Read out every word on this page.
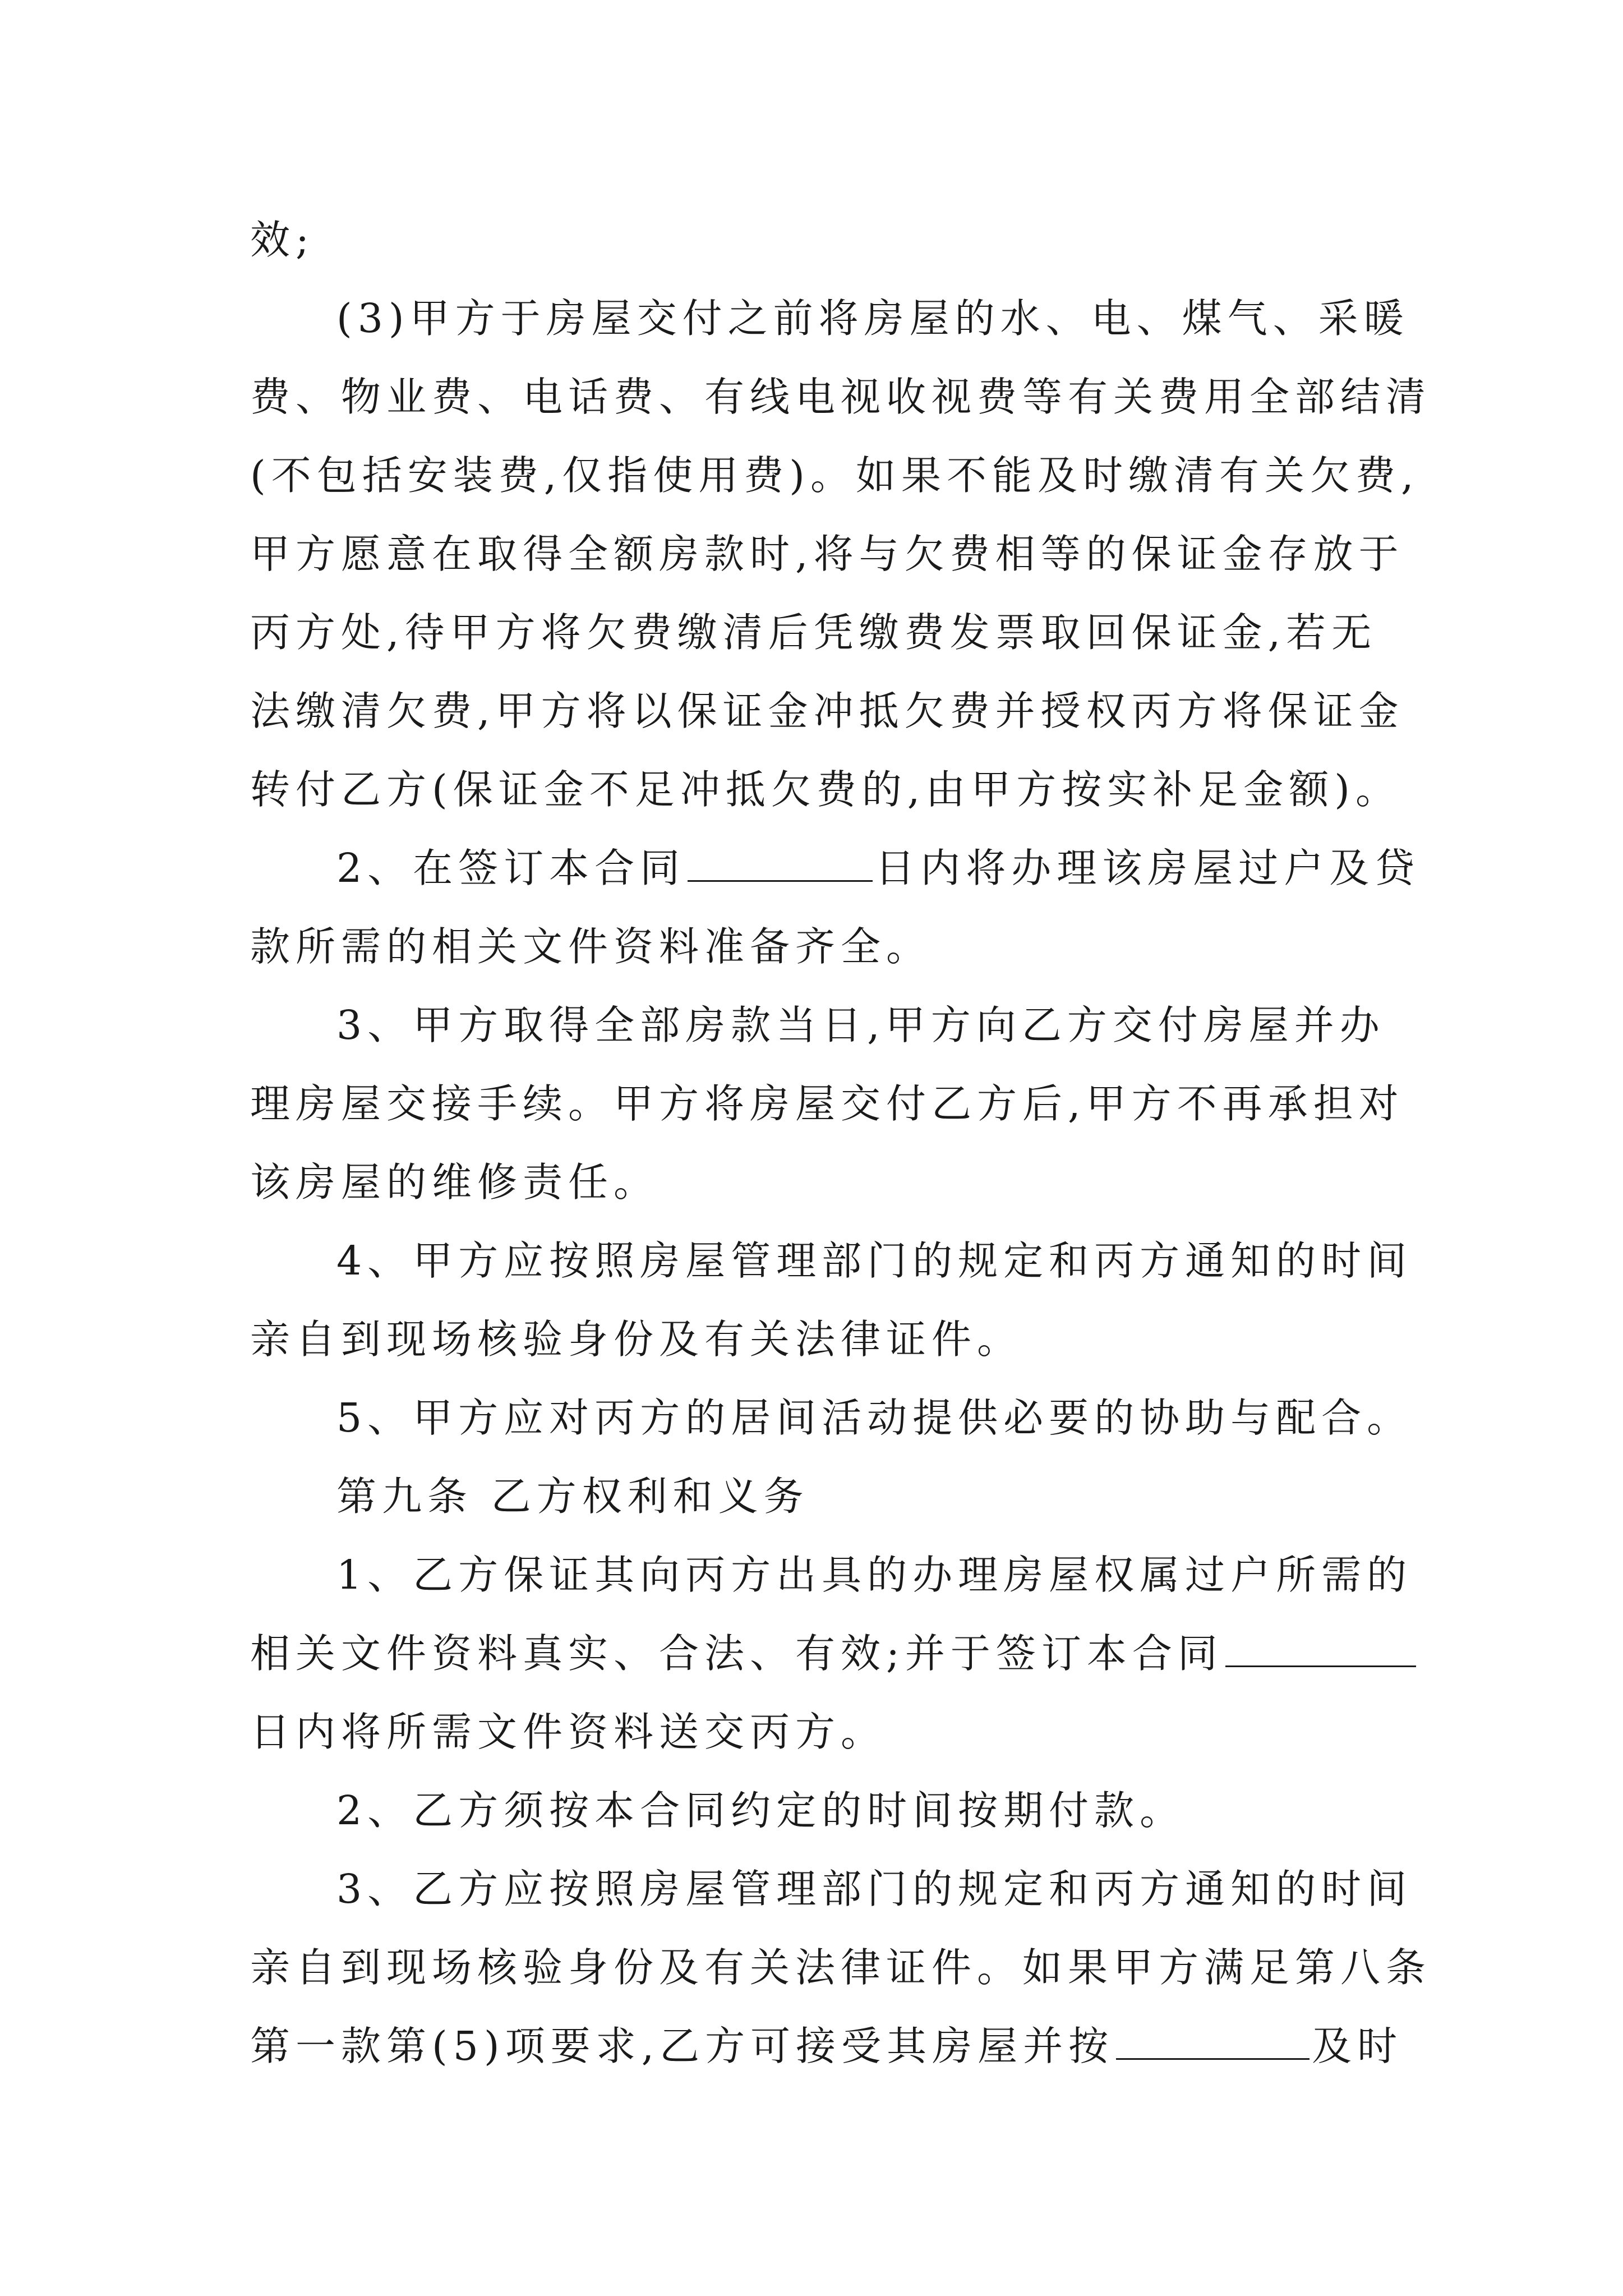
效;
(3)甲方于房屋交付之前将房屋的水、电、煤气、采暖
费、物业费、电话费、有线电视收视费等有关费用全部结清
(不包括安装费,仅指使用费)。如果不能及时缴清有关欠费,
甲方愿意在取得全额房款时,将与欠费相等的保证金存放于
丙方处,待甲方将欠费缴清后凭缴费发票取回保证金,若无
法缴清欠费,甲方将以保证金冲抵欠费并授权丙方将保证金
转付乙方(保证金不足冲抵欠费的,由甲方按实补足金额)。
2、在签订本合同	日内将办理该房屋过户及贷
款所需的相关文件资料准备齐全。
3、甲方取得全部房款当日,甲方向乙方交付房屋并办
理房屋交接手续。甲方将房屋交付乙方后,甲方不再承担对
该房屋的维修责任。
4、甲方应按照房屋管理部门的规定和丙方通知的时间
亲自到现场核验身份及有关法律证件。
5、甲方应对丙方的居间活动提供必要的协助与配合。
第九条 乙方权利和义务
1、乙方保证其向丙方出具的办理房屋权属过户所需的
相关文件资料真实、合法、有效;并于签订本合同
日内将所需文件资料送交丙方。
2、乙方须按本合同约定的时间按期付款。
3、乙方应按照房屋管理部门的规定和丙方通知的时间
亲自到现场核验身份及有关法律证件。如果甲方满足第八条
第一款第(5)项要求,乙方可接受其房屋并按	及时
